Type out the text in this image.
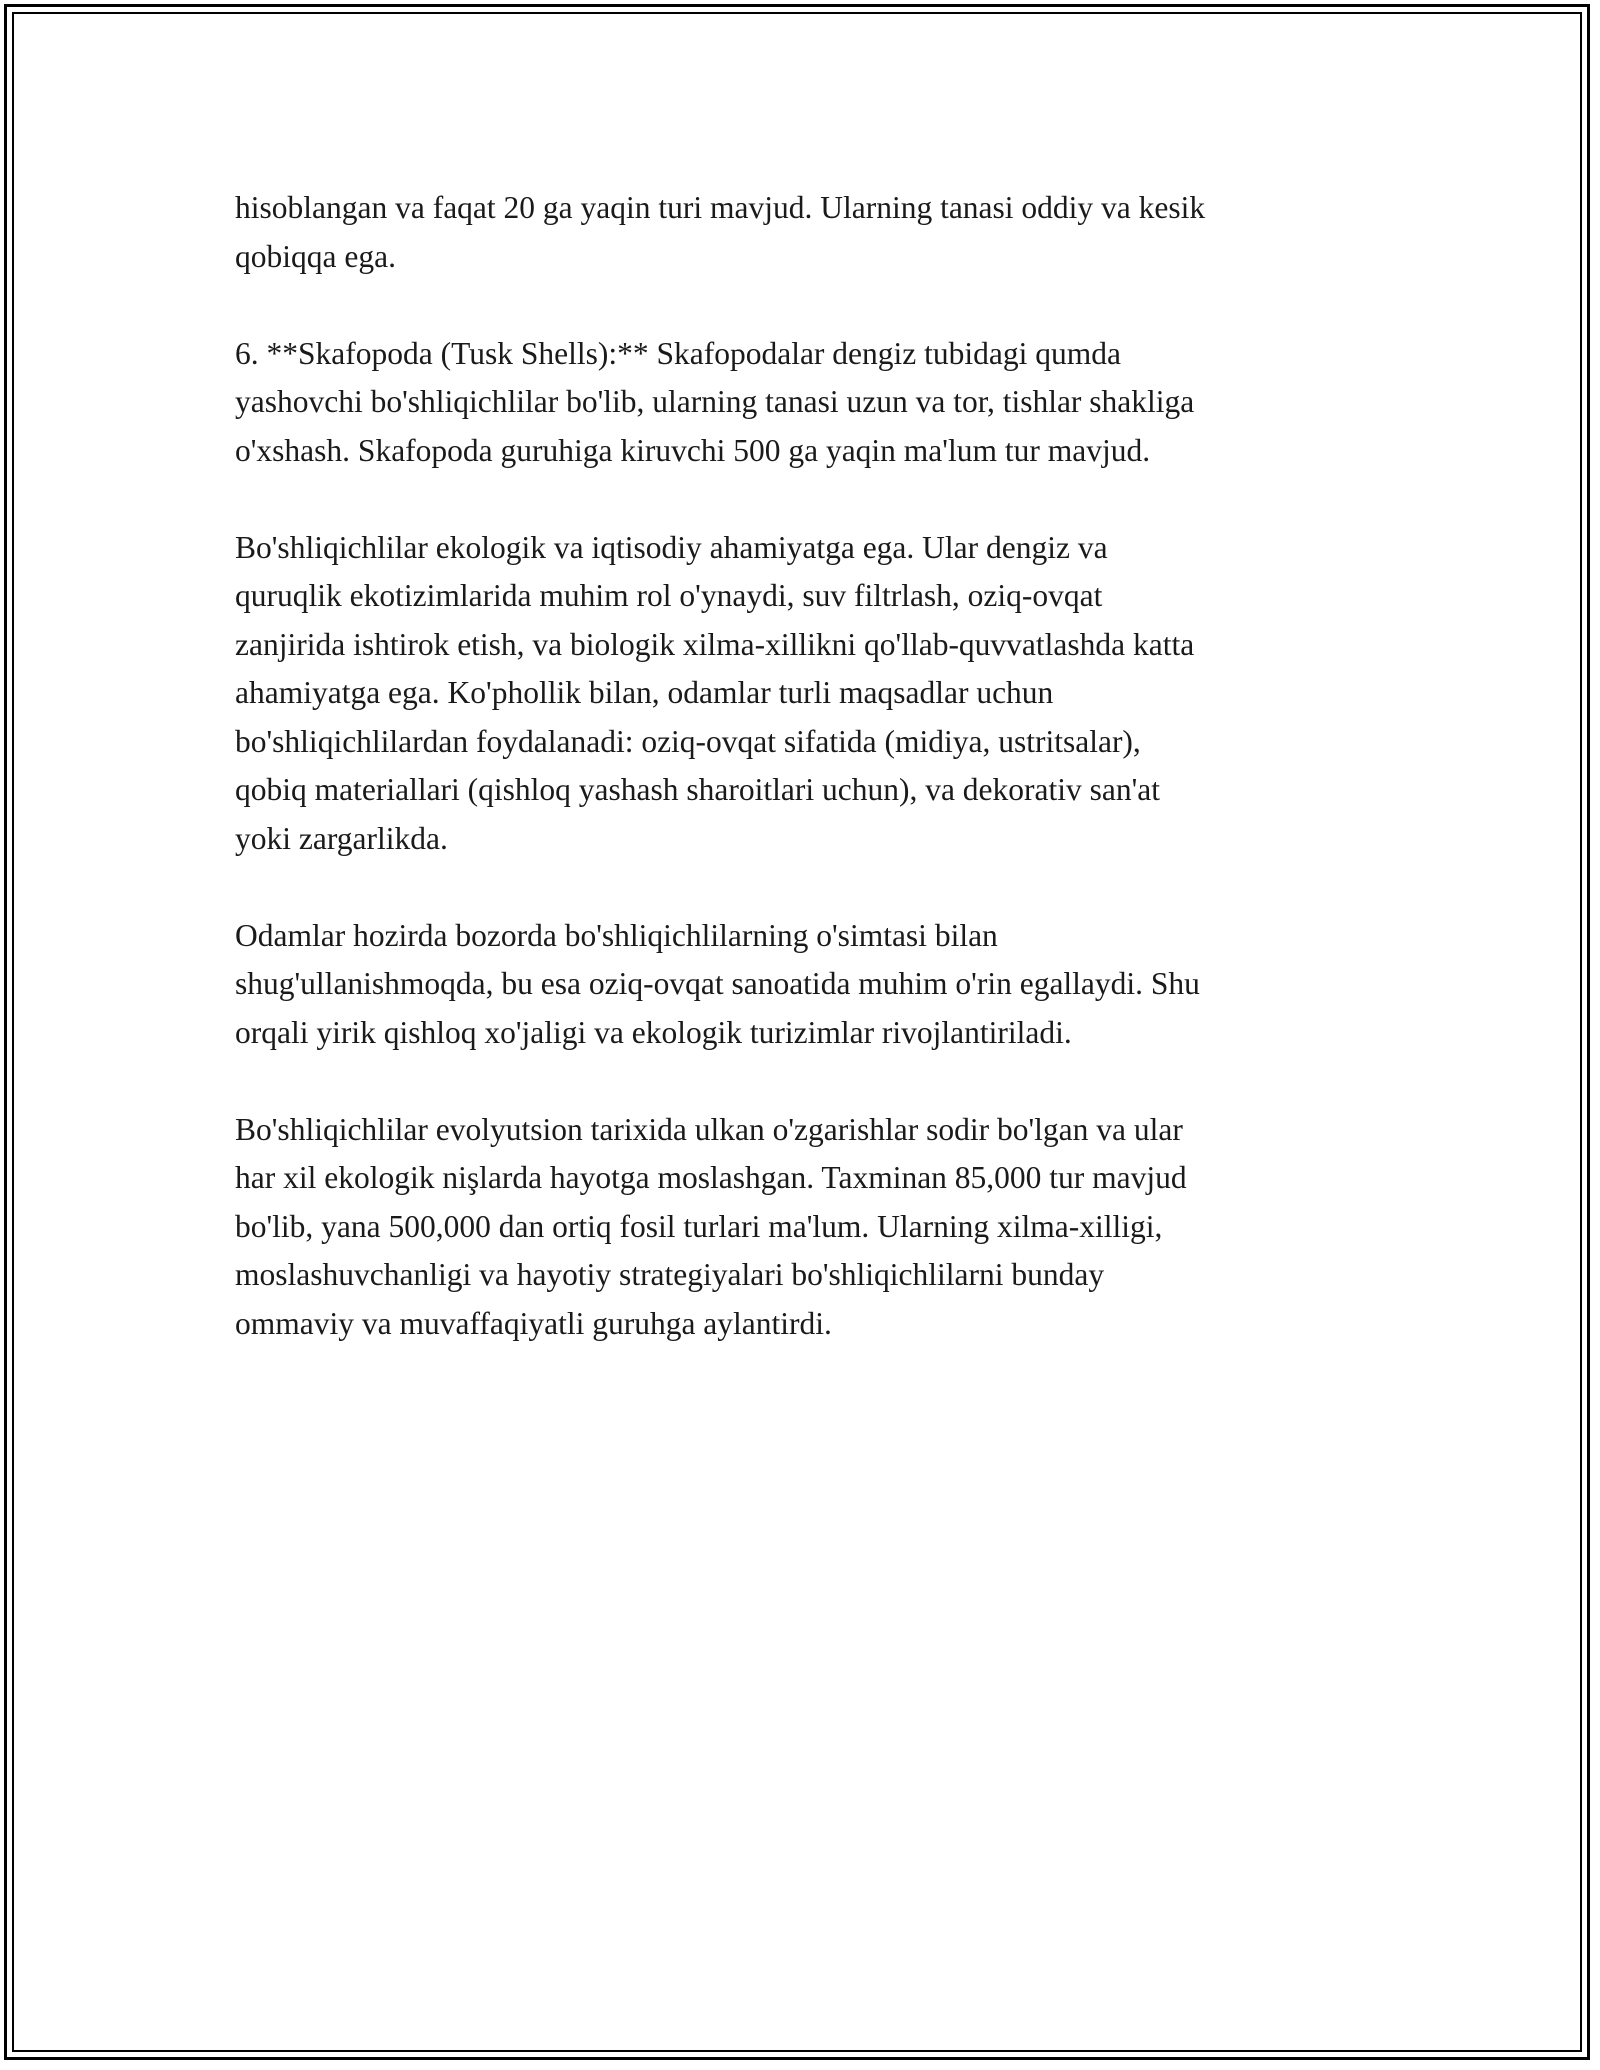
hisoblangan va faqat 20 ga yaqin turi mavjud. Ularning tanasi oddiy va kesik
qobiqqa ega.

6. **Skafopoda (Tusk Shells):** Skafopodalar dengiz tubidagi qumda
yashovchi bo'shliqichlilar bo'lib, ularning tanasi uzun va tor, tishlar shakliga
o'xshash. Skafopoda guruhiga kiruvchi 500 ga yaqin ma'lum tur mavjud.

Bo'shliqichlilar ekologik va iqtisodiy ahamiyatga ega. Ular dengiz va
quruqlik ekotizimlarida muhim rol o'ynaydi, suv filtrlash, oziq-ovqat
zanjirida ishtirok etish, va biologik xilma-xillikni qo'llab-quvvatlashda katta
ahamiyatga ega. Ko'phollik bilan, odamlar turli maqsadlar uchun
bo'shliqichlilardan foydalanadi: oziq-ovqat sifatida (midiya, ustritsalar),
qobiq materiallari (qishloq yashash sharoitlari uchun), va dekorativ san'at
yoki zargarlikda.

Odamlar hozirda bozorda bo'shliqichlilarning o'simtasi bilan
shug'ullanishmoqda, bu esa oziq-ovqat sanoatida muhim o'rin egallaydi. Shu
orqali yirik qishloq xo'jaligi va ekologik turizimlar rivojlantiriladi.

Bo'shliqichlilar evolyutsion tarixida ulkan o'zgarishlar sodir bo'lgan va ular
har xil ekologik nişlarda hayotga moslashgan. Taxminan 85,000 tur mavjud
bo'lib, yana 500,000 dan ortiq fosil turlari ma'lum. Ularning xilma-xilligi,
moslashuvchanligi va hayotiy strategiyalari bo'shliqichlilarni bunday
ommaviy va muvaffaqiyatli guruhga aylantirdi.
